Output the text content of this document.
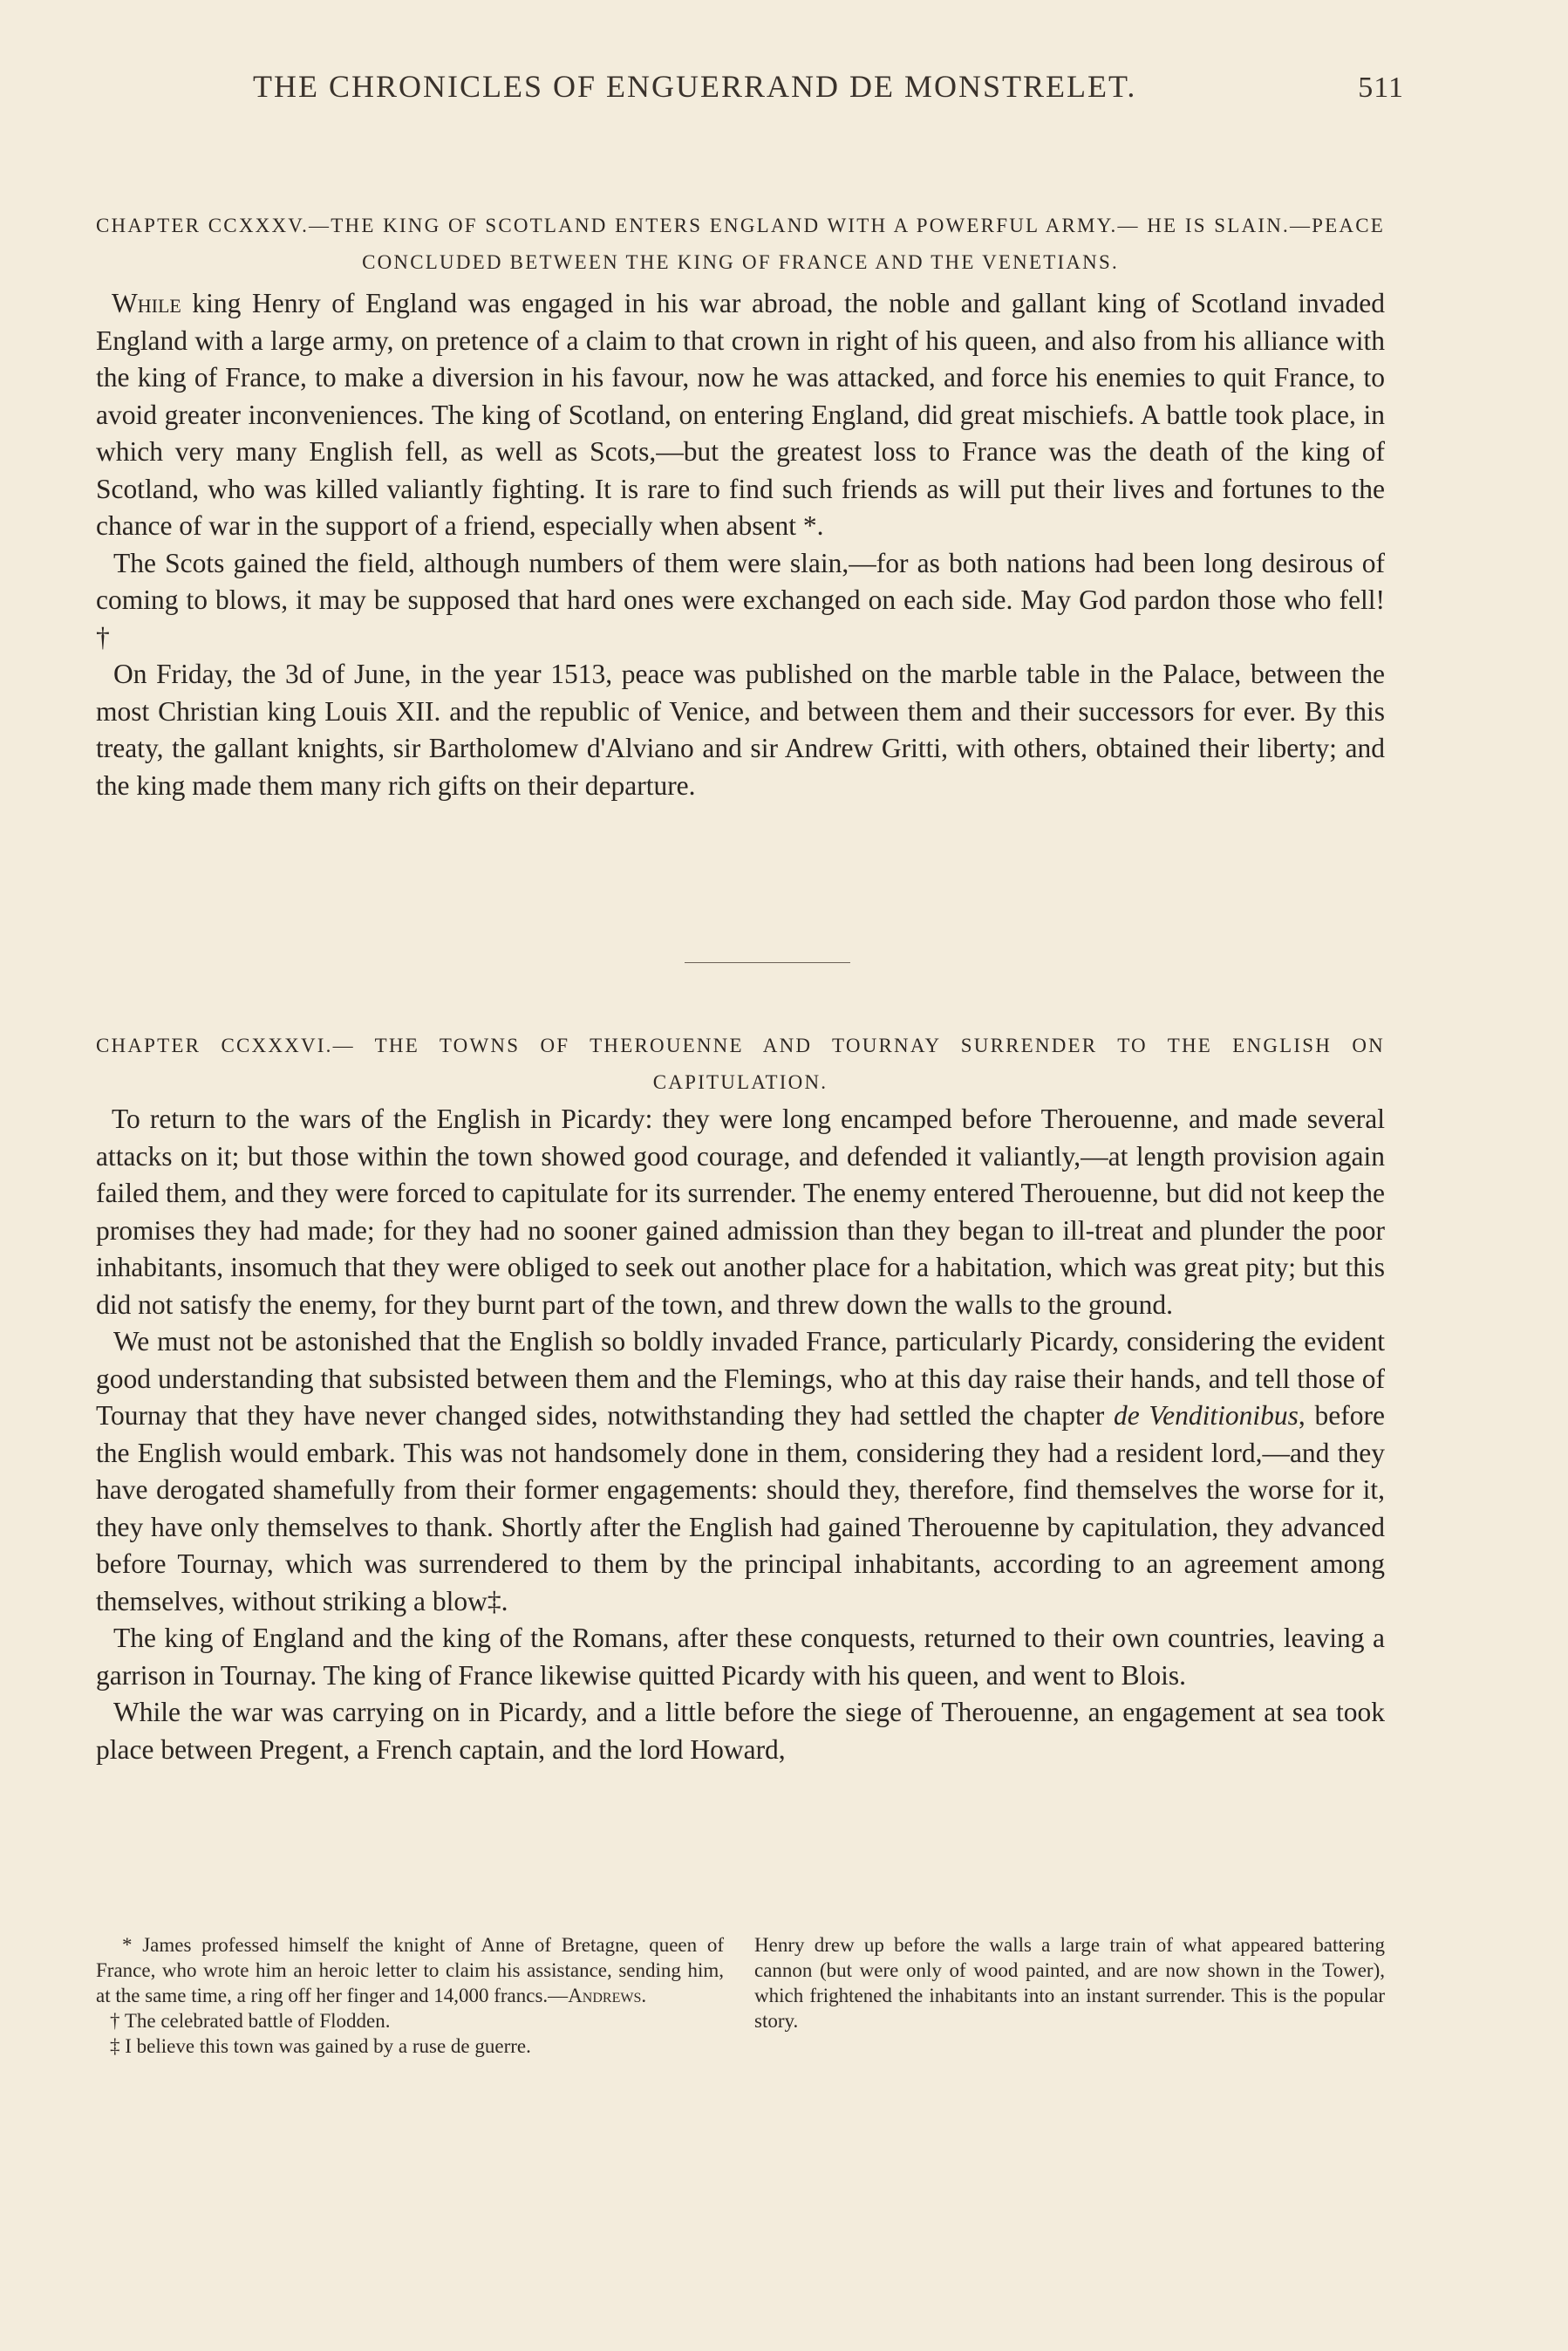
THE CHRONICLES OF ENGUERRAND DE MONSTRELET.	511
CHAPTER CCXXXV.—THE KING OF SCOTLAND ENTERS ENGLAND WITH A POWERFUL ARMY.— HE IS SLAIN.—PEACE CONCLUDED BETWEEN THE KING OF FRANCE AND THE VENETIANS.

While king Henry of England was engaged in his war abroad, the noble and gallant king of Scotland invaded England with a large army, on pretence of a claim to that crown in right of his queen, and also from his alliance with the king of France, to make a diversion in his favour, now he was attacked, and force his enemies to quit France, to avoid greater inconveniences. The king of Scotland, on entering England, did great mischiefs. A battle took place, in which very many English fell, as well as Scots,—but the greatest loss to France was the death of the king of Scotland, who was killed valiantly fighting. It is rare to find such friends as will put their lives and fortunes to the chance of war in the support of a friend, especially when absent *.

The Scots gained the field, although numbers of them were slain,—for as both nations had been long desirous of coming to blows, it may be supposed that hard ones were exchanged on each side. May God pardon those who fell! †

On Friday, the 3d of June, in the year 1513, peace was published on the marble table in the Palace, between the most Christian king Louis XII. and the republic of Venice, and between them and their successors for ever. By this treaty, the gallant knights, sir Bartholomew d'Alviano and sir Andrew Gritti, with others, obtained their liberty; and the king made them many rich gifts on their departure.

CHAPTER CCXXXVI.— THE TOWNS OF THEROUENNE AND TOURNAY SURRENDER TO THE ENGLISH ON CAPITULATION.

To return to the wars of the English in Picardy: they were long encamped before Therouenne, and made several attacks on it; but those within the town showed good courage, and defended it valiantly,—at length provision again failed them, and they were forced to capitulate for its surrender. The enemy entered Therouenne, but did not keep the promises they had made; for they had no sooner gained admission than they began to ill-treat and plunder the poor inhabitants, insomuch that they were obliged to seek out another place for a habitation, which was great pity; but this did not satisfy the enemy, for they burnt part of the town, and threw down the walls to the ground.

We must not be astonished that the English so boldly invaded France, particularly Picardy, considering the evident good understanding that subsisted between them and the Flemings, who at this day raise their hands, and tell those of Tournay that they have never changed sides, notwithstanding they had settled the chapter de Venditionibus, before the English would embark. This was not handsomely done in them, considering they had a resident lord,—and they have derogated shamefully from their former engagements: should they, therefore, find themselves the worse for it, they have only themselves to thank. Shortly after the English had gained Therouenne by capitulation, they advanced before Tournay, which was surrendered to them by the principal inhabitants, according to an agreement among themselves, without striking a blow‡.

The king of England and the king of the Romans, after these conquests, returned to their own countries, leaving a garrison in Tournay. The king of France likewise quitted Picardy with his queen, and went to Blois.

While the war was carrying on in Picardy, and a little before the siege of Therouenne, an engagement at sea took place between Pregent, a French captain, and the lord Howard,

* James professed himself the knight of Anne of Bretagne, queen of France, who wrote him an heroic letter to claim his assistance, sending him, at the same time, a ring off her finger and 14,000 francs.—Andrews.

† The celebrated battle of Flodden.

‡ I believe this town was gained by a ruse de guerre.

Henry drew up before the walls a large train of what appeared battering cannon (but were only of wood painted, and are now shown in the Tower), which frightened the inhabitants into an instant surrender. This is the popular story.
